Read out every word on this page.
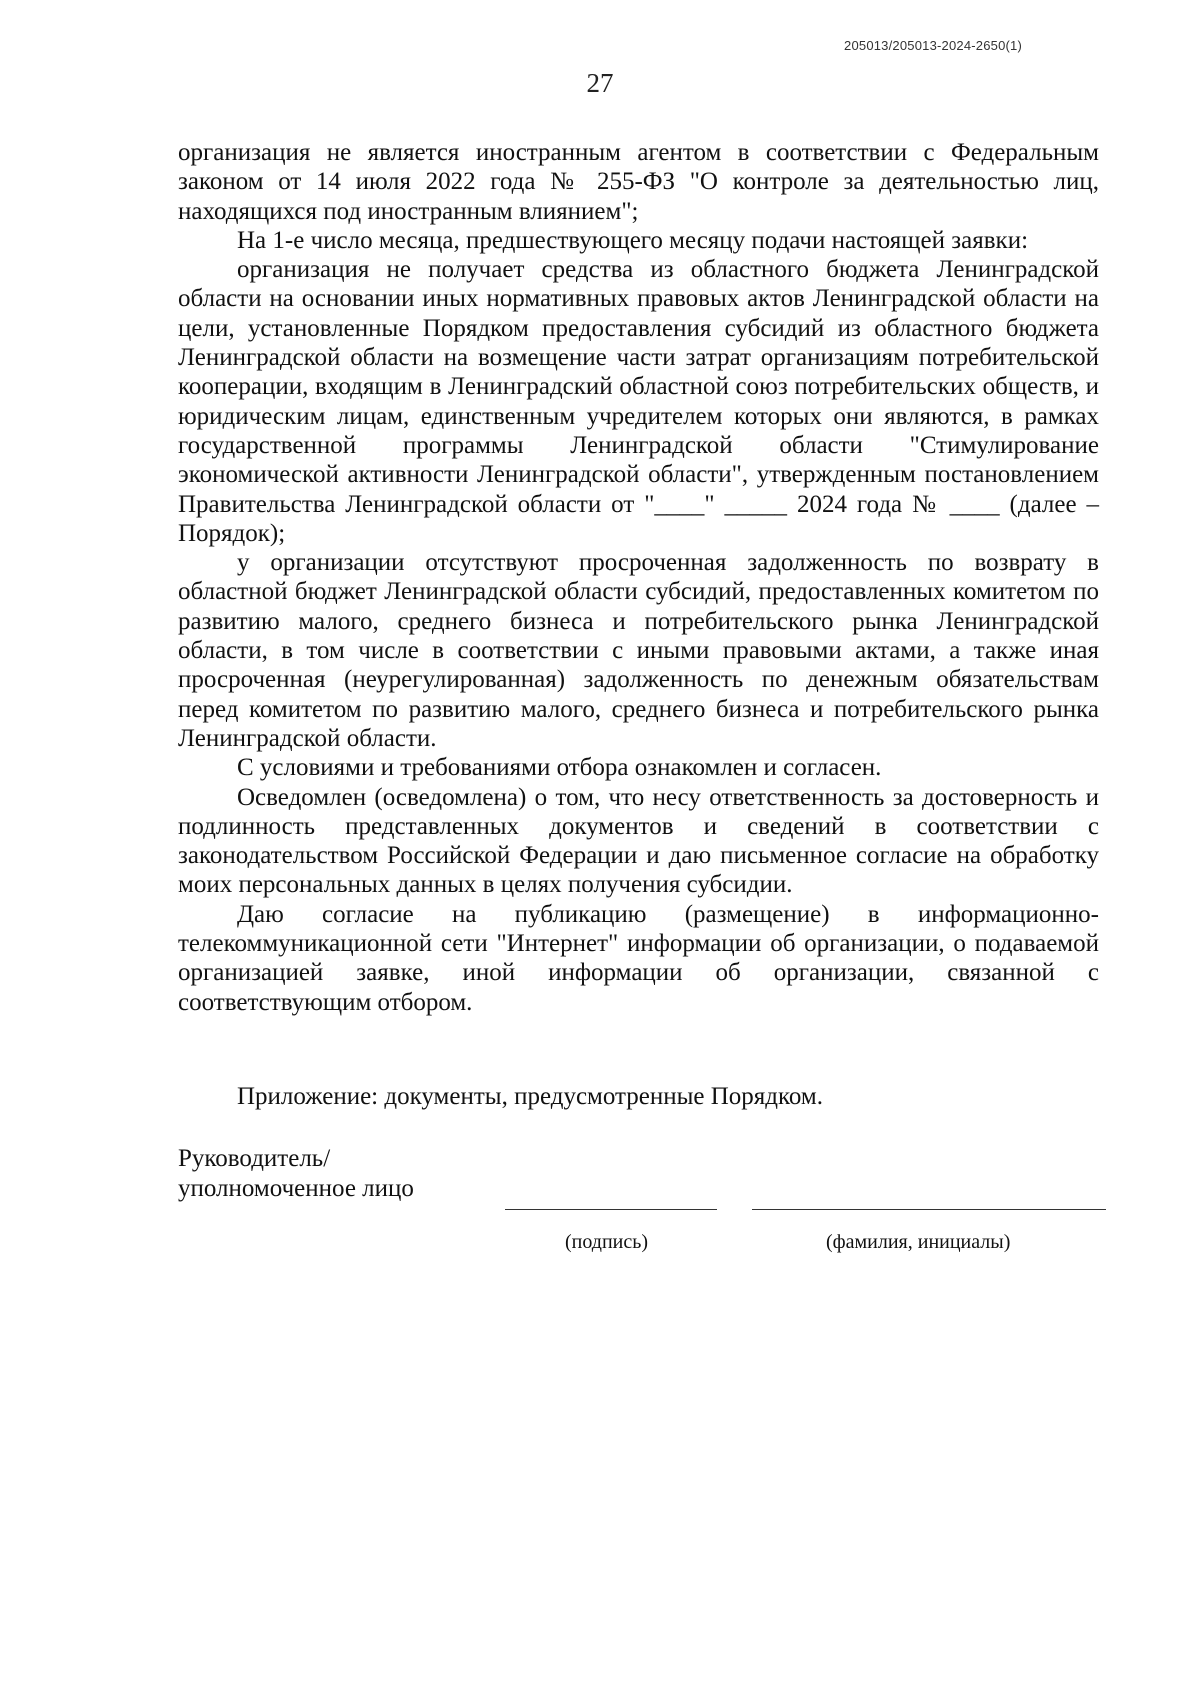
205013/205013-2024-2650(1)
27

организация не является иностранным агентом в соответствии с Федеральным законом от 14 июля 2022 года № 255-ФЗ "О контроле за деятельностью лиц, находящихся под иностранным влиянием";

На 1-е число месяца, предшествующего месяцу подачи настоящей заявки:

организация не получает средства из областного бюджета Ленинградской области на основании иных нормативных правовых актов Ленинградской области на цели, установленные Порядком предоставления субсидий из областного бюджета Ленинградской области на возмещение части затрат организациям потребительской кооперации, входящим в Ленинградский областной союз потребительских обществ, и юридическим лицам, единственным учредителем которых они являются, в рамках государственной программы Ленинградской области "Стимулирование экономической активности Ленинградской области", утвержденным постановлением Правительства Ленинградской области от "____" _____ 2024 года № ____ (далее – Порядок);

у организации отсутствуют просроченная задолженность по возврату в областной бюджет Ленинградской области субсидий, предоставленных комитетом по развитию малого, среднего бизнеса и потребительского рынка Ленинградской области, в том числе в соответствии с иными правовыми актами, а также иная просроченная (неурегулированная) задолженность по денежным обязательствам перед комитетом по развитию малого, среднего бизнеса и потребительского рынка Ленинградской области.

С условиями и требованиями отбора ознакомлен и согласен.

Осведомлен (осведомлена) о том, что несу ответственность за достоверность и подлинность представленных документов и сведений в соответствии с законодательством Российской Федерации и даю письменное согласие на обработку моих персональных данных в целях получения субсидии.

Даю согласие на публикацию (размещение) в информационно-телекоммуникационной сети "Интернет" информации об организации, о подаваемой организацией заявке, иной информации об организации, связанной с соответствующим отбором.

Приложение: документы, предусмотренные Порядком.
Руководитель/
уполномоченное лицо
(подпись)	(фамилия, инициалы)
